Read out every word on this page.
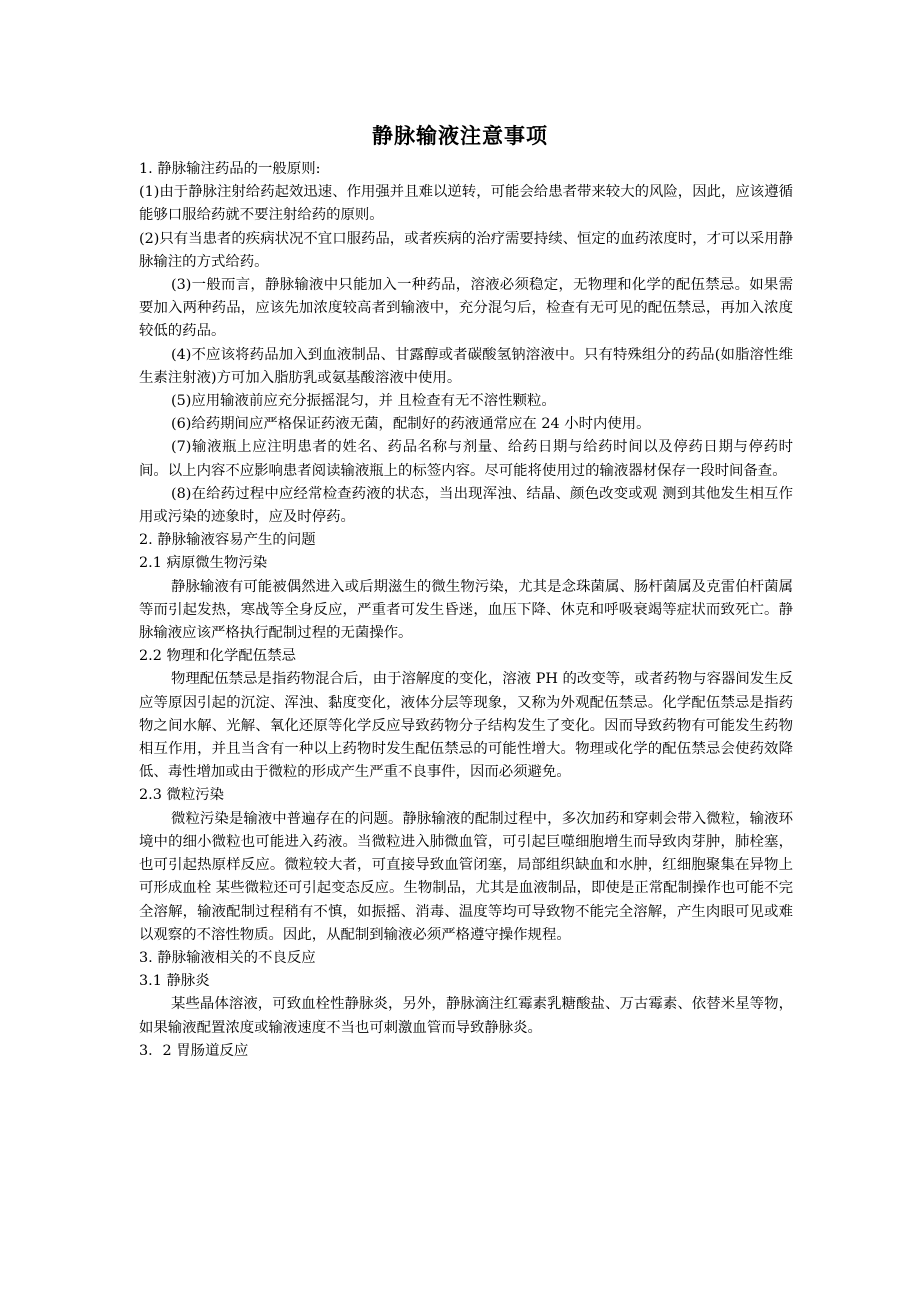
静脉输液注意事项

1. 静脉输注药品的一般原则:

(1)由于静脉注射给药起效迅速、作用强并且难以逆转，可能会给患者带来较大的风险，因此，应该遵循能够口服给药就不要注射给药的原则。

(2)只有当患者的疾病状况不宜口服药品，或者疾病的治疗需要持续、恒定的血药浓度时，才可以采用静脉输注的方式给药。

(3)一般而言，静脉输液中只能加入一种药品，溶液必须稳定，无物理和化学的配伍禁忌。如果需要加入两种药品，应该先加浓度较高者到输液中，充分混匀后，检查有无可见的配伍禁忌，再加入浓度较低的药品。

(4)不应该将药品加入到血液制品、甘露醇或者碳酸氢钠溶液中。只有特殊组分的药品(如脂溶性维生素注射液)方可加入脂肪乳或氨基酸溶液中使用。

(5)应用输液前应充分振摇混匀，并 且检查有无不溶性颗粒。

(6)给药期间应严格保证药液无菌，配制好的药液通常应在 24 小时内使用。

(7)输液瓶上应注明患者的姓名、药品名称与剂量、给药日期与给药时间以及停药日期与停药时间。以上内容不应影响患者阅读输液瓶上的标签内容。尽可能将使用过的输液器材保存一段时间备查。

(8)在给药过程中应经常检查药液的状态，当出现浑浊、结晶、颜色改变或观 测到其他发生相互作用或污染的迹象时，应及时停药。

2. 静脉输液容易产生的问题

2.1 病原微生物污染

静脉输液有可能被偶然进入或后期滋生的微生物污染，尤其是念珠菌属、肠杆菌属及克雷伯杆菌属等而引起发热，寒战等全身反应，严重者可发生昏迷，血压下降、休克和呼吸衰竭等症状而致死亡。静脉输液应该严格执行配制过程的无菌操作。

2.2 物理和化学配伍禁忌

物理配伍禁忌是指药物混合后，由于溶解度的变化，溶液 PH 的改变等，或者药物与容器间发生反应等原因引起的沉淀、浑浊、黏度变化，液体分层等现象，又称为外观配伍禁忌。化学配伍禁忌是指药物之间水解、光解、氧化还原等化学反应导致药物分子结构发生了变化。因而导致药物有可能发生药物相互作用，并且当含有一种以上药物时发生配伍禁忌的可能性增大。物理或化学的配伍禁忌会使药效降低、毒性增加或由于微粒的形成产生严重不良事件，因而必须避免。

2.3 微粒污染

微粒污染是输液中普遍存在的问题。静脉输液的配制过程中，多次加药和穿刺会带入微粒，输液环境中的细小微粒也可能进入药液。当微粒进入肺微血管，可引起巨噬细胞增生而导致肉芽肿，肺栓塞，也可引起热原样反应。微粒较大者，可直接导致血管闭塞，局部组织缺血和水肿，红细胞聚集在异物上可形成血栓 某些微粒还可引起变态反应。生物制品，尤其是血液制品，即使是正常配制操作也可能不完全溶解，输液配制过程稍有不慎，如振摇、消毒、温度等均可导致物不能完全溶解，产生肉眼可见或难以观察的不溶性物质。因此，从配制到输液必须严格遵守操作规程。

3. 静脉输液相关的不良反应

3.1 静脉炎

某些晶体溶液，可致血栓性静脉炎，另外，静脉滴注红霉素乳糖酸盐、万古霉素、依替米星等物，如果输液配置浓度或输液速度不当也可刺激血管而导致静脉炎。

3．2 胃肠道反应
